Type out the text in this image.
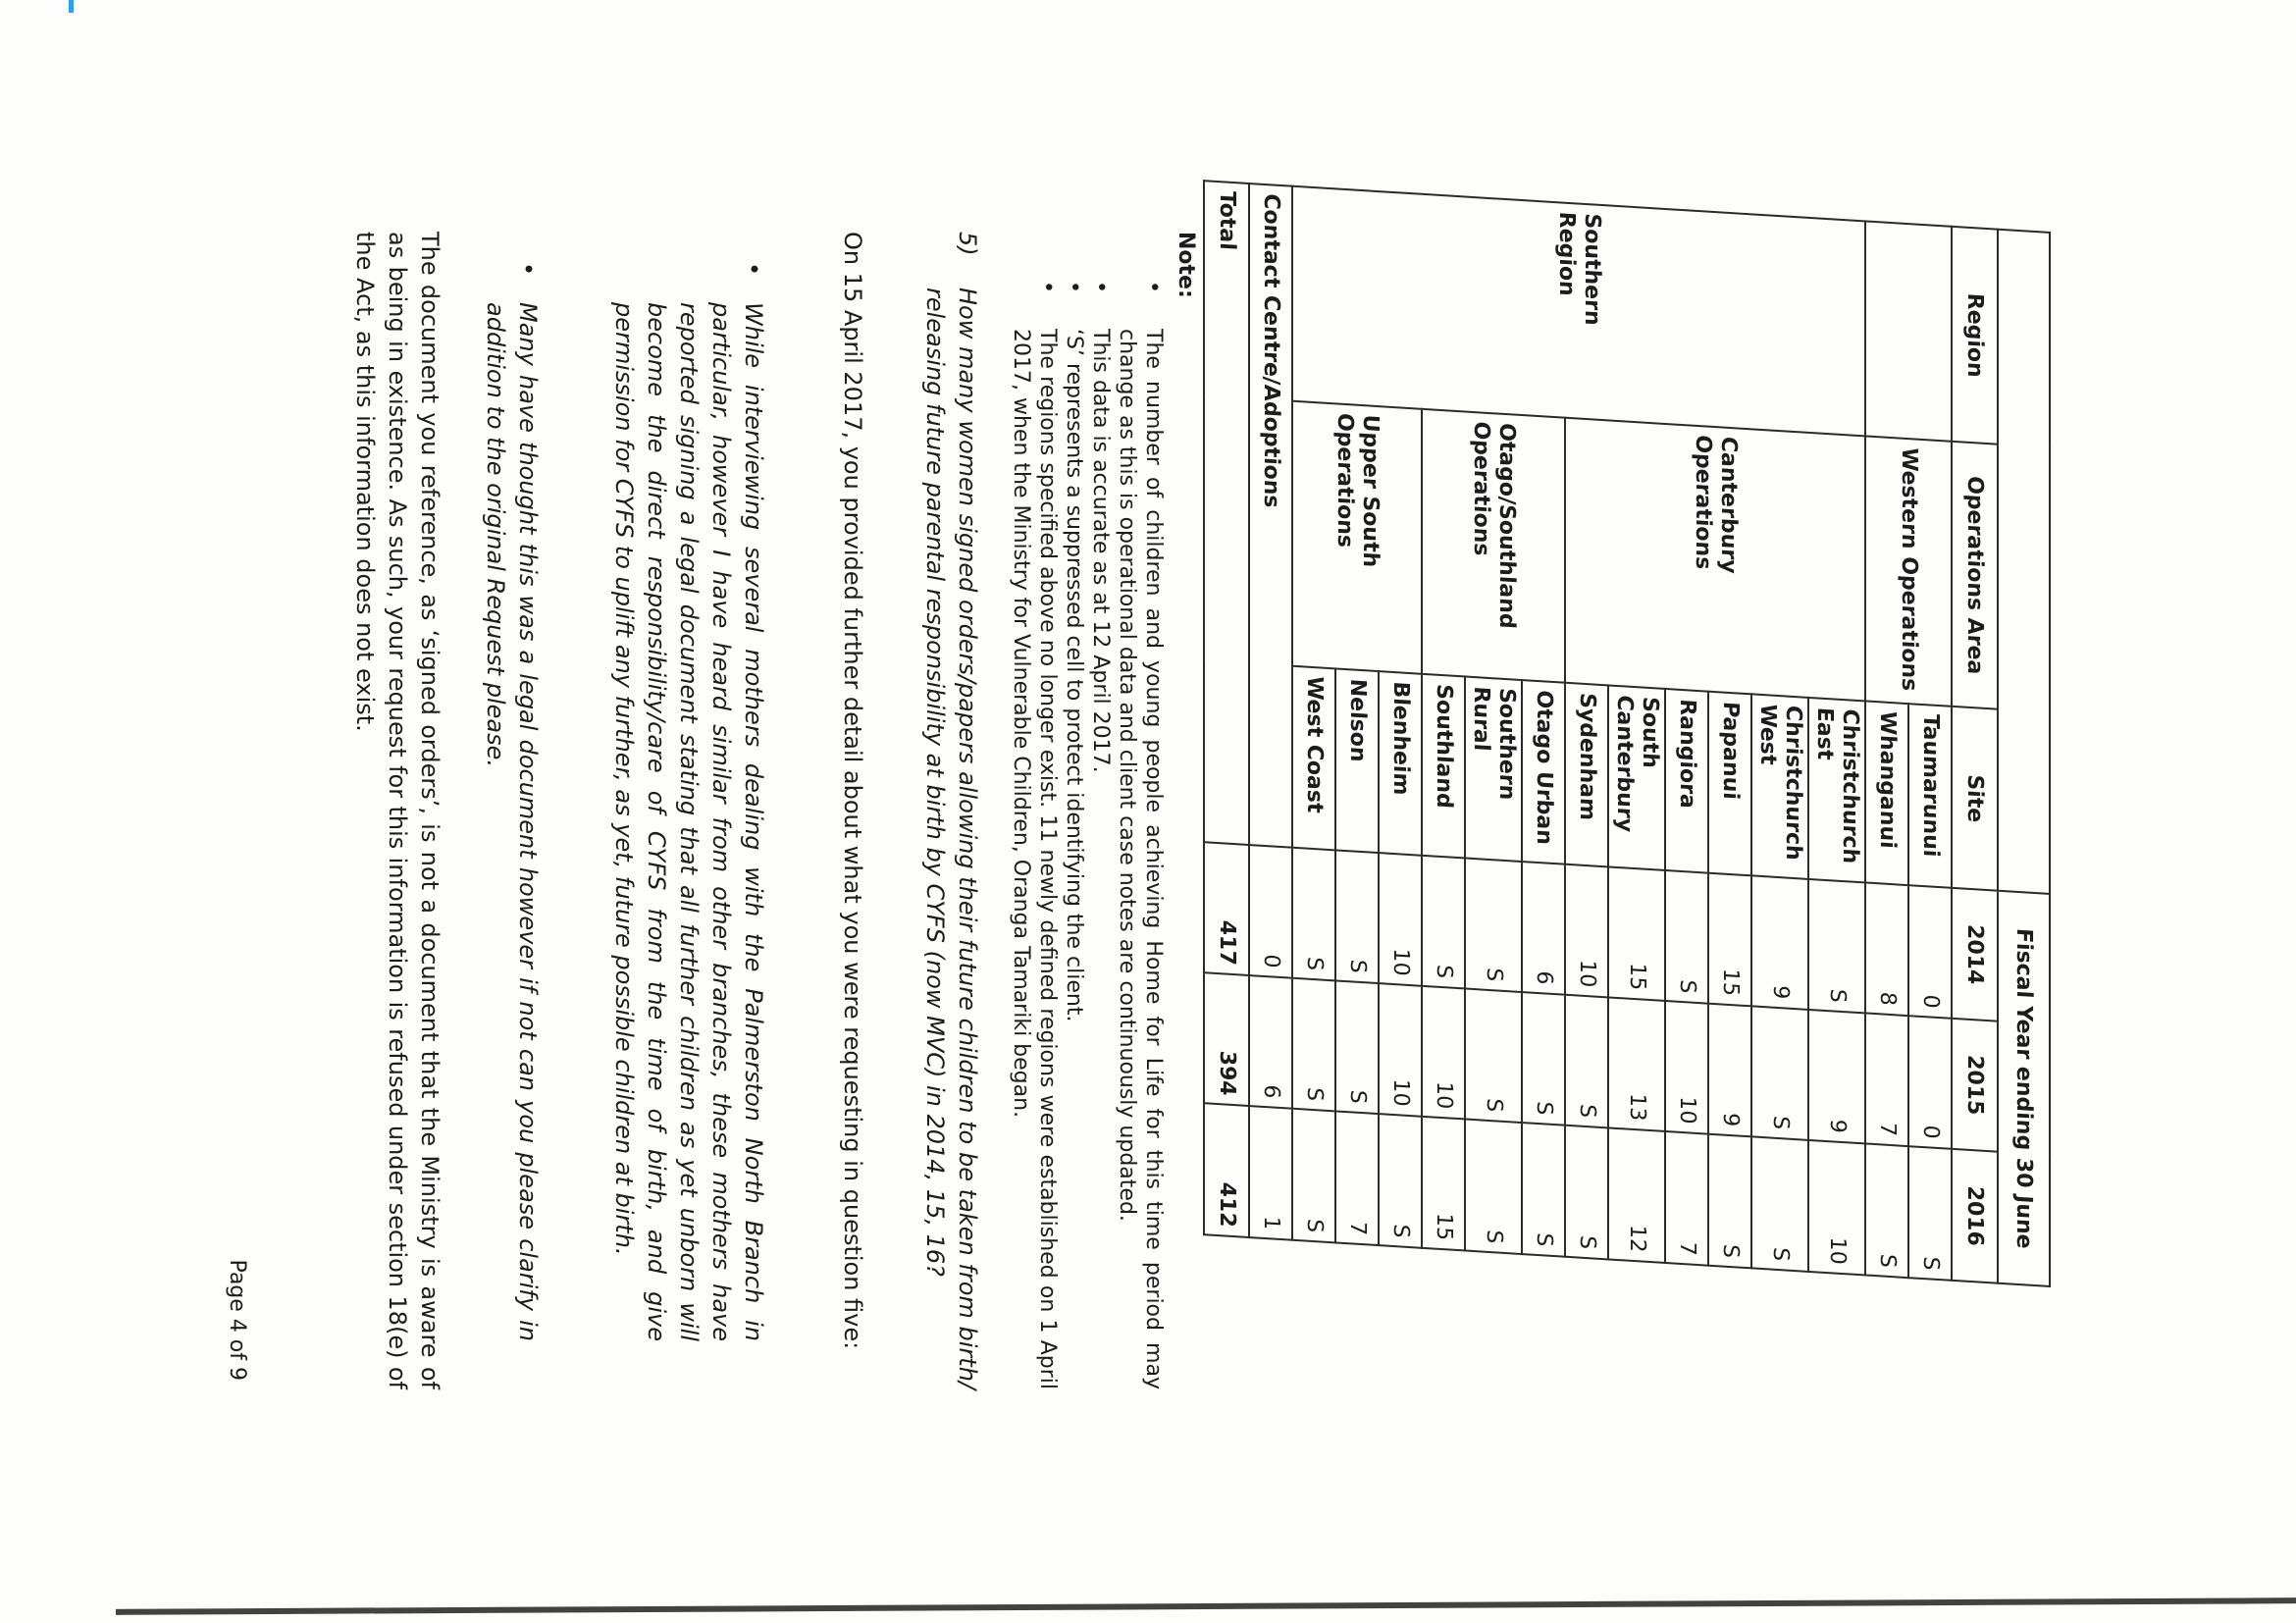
			Fiscal Year ending 30 June		
Region	Operations Area	Site	2014	2015	2016
	Western Operations	Taumarunui	0	0	S
		Whanganui	8	7	S
Southern Region	Canterbury Operations	Christchurch East	S	9	10
		Christchurch West	9	S	S
		Papanui	15	9	S
		Rangiora	S	10	7
		South Canterbury	15	13	12
		Sydenham	10	S	S
	Otago/Southland Operations	Otago Urban	6	S	S
		Southern Rural	S	S	S
		Southland	S	10	15
	Upper South Operations	Blenheim	10	10	S
		Nelson	S	S	7
		West Coast	S	S	S
Contact Centre/Adoptions			0	6	1
Total			417	394	412

Note:

• The number of children and young people achieving Home for Life for this time period may change as this is operational data and client case notes are continuously updated.
• This data is accurate as at 12 April 2017.
• ‘S’ represents a suppressed cell to protect identifying the client.
• The regions specified above no longer exist. 11 newly defined regions were established on 1 April 2017, when the Ministry for Vulnerable Children, Oranga Tamariki began.
5)
How many women signed orders/papers allowing their future children to be taken from birth/ releasing future parental responsibility at birth by CYFS (now MVC) in 2014, 15, 16?

On 15 April 2017, you provided further detail about what you were requesting in question five:

• While interviewing several mothers dealing with the Palmerston North Branch in particular, however I have heard similar from other branches, these mothers have reported signing a legal document stating that all further children as yet unborn will become the direct responsibility/care of CYFS from the time of birth, and give permission for CYFS to uplift any further, as yet, future possible children at birth.
• Many have thought this was a legal document however if not can you please clarify in addition to the original Request please.

The document you reference, as ‘signed orders’, is not a document that the Ministry is aware of as being in existence. As such, your request for this information is refused under section 18(e) of the Act, as this information does not exist.

Page 4 of 9
